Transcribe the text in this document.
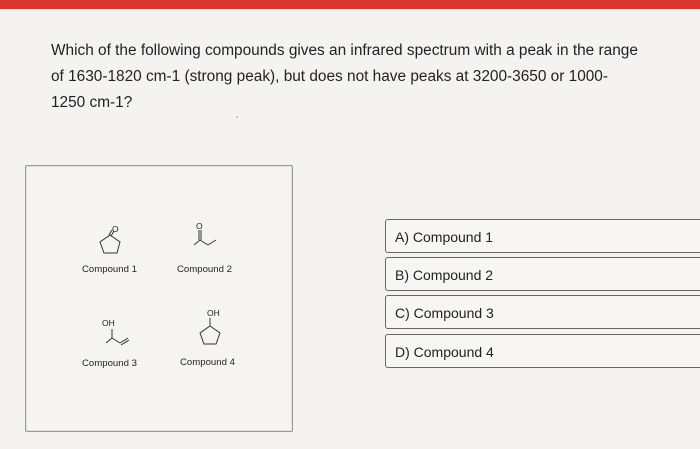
Which of the following compounds gives an infrared spectrum with a peak in the range of 1630-1820 cm-1 (strong peak), but does not have peaks at 3200-3650 or 1000-1250 cm-1?
O
Compound 1
O
Compound 2
OH
Compound 3
OH
Compound 4
A) Compound 1
B) Compound 2
C) Compound 3
D) Compound 4
